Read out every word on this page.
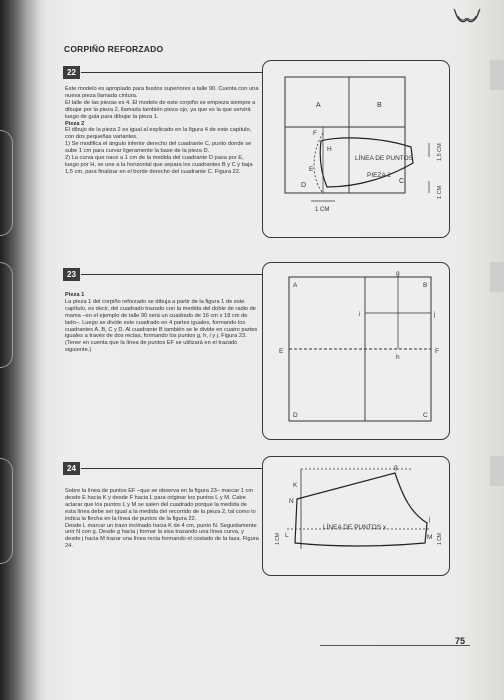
CORPIÑO REFORZADO
22

Este modelo es apropiado para bustos superiores a talle 90. Cuenta con una nueva pieza llamada cintura.

El talle de las piezas es 4. El modelo de este corpiño se empieza siempre a dibujar por la pieza 2, llamada también pieza ojo, ya que es la que servirá luego de guía para dibujar la pieza 1.

Pieza 2

El dibujo de la pieza 2 es igual al explicado en la figura 4 de este capítulo, con dos pequeñas variantes.

1) Se modifica el ángulo inferior derecho del cuadrante C, punto donde se sube 1 cm para curvar ligeramente la base de la pieza D.

2) La curva que nace a 1 cm de la medida del cuadrante D pasa por E, luego por H, se une a la horizontal que separa los cuadrantes B y C y baja 1,5 cm, para finalizar en el borde derecho del cuadrante C. Figura 22.

A	B
C
D
E
F
H
LÍNEA DE PUNTOS
PIEZA 2
1,5 CM
1 CM
1 CM
23

Pieza 1

La pieza 1 del corpiño reforzado se dibuja a partir de la figura 1 de este capítulo, es decir, del cuadrado trazado con la medida del doble de radio de mama –en el ejemplo de talle 90 será un cuadrado de 16 cm x 18 cm de lado–. Luego se divide este cuadrado en 4 partes iguales, formando los cuadrantes A, B, C y D. Al cuadrante B también se le divide en cuatro partes iguales a través de dos rectas, formando los puntos g, h, i y j. Figura 23. (Tener en cuenta que la línea de puntos EF se utilizará en el trazado siguiente.)

A	B
C
D
E	F
g
h
i	j
24

Sobre la línea de puntos EF –que se observa en la figura 23– marcar 1 cm desde E hacia K y desde F hacia L para originar los puntos L y M. Cabe aclarar que los puntos L y M se salen del cuadrado porque la medida de esta línea debe ser igual a la medida del recorrido de la pieza 2, tal como lo indica la flecha en la línea de puntos de la figura 22.

Desde L marcar un trazo inclinado hacia K de 4 cm, punto N. Seguidamente unir N con g. Desde g hacia j formar la sisa trazando una línea curva, y desde j hacia M trazar una línea recta formando el costado de la taza. Figura 24.

K
N
g
j
L	M
LÍNEA DE PUNTOS x
1 CM	1 CM
75
